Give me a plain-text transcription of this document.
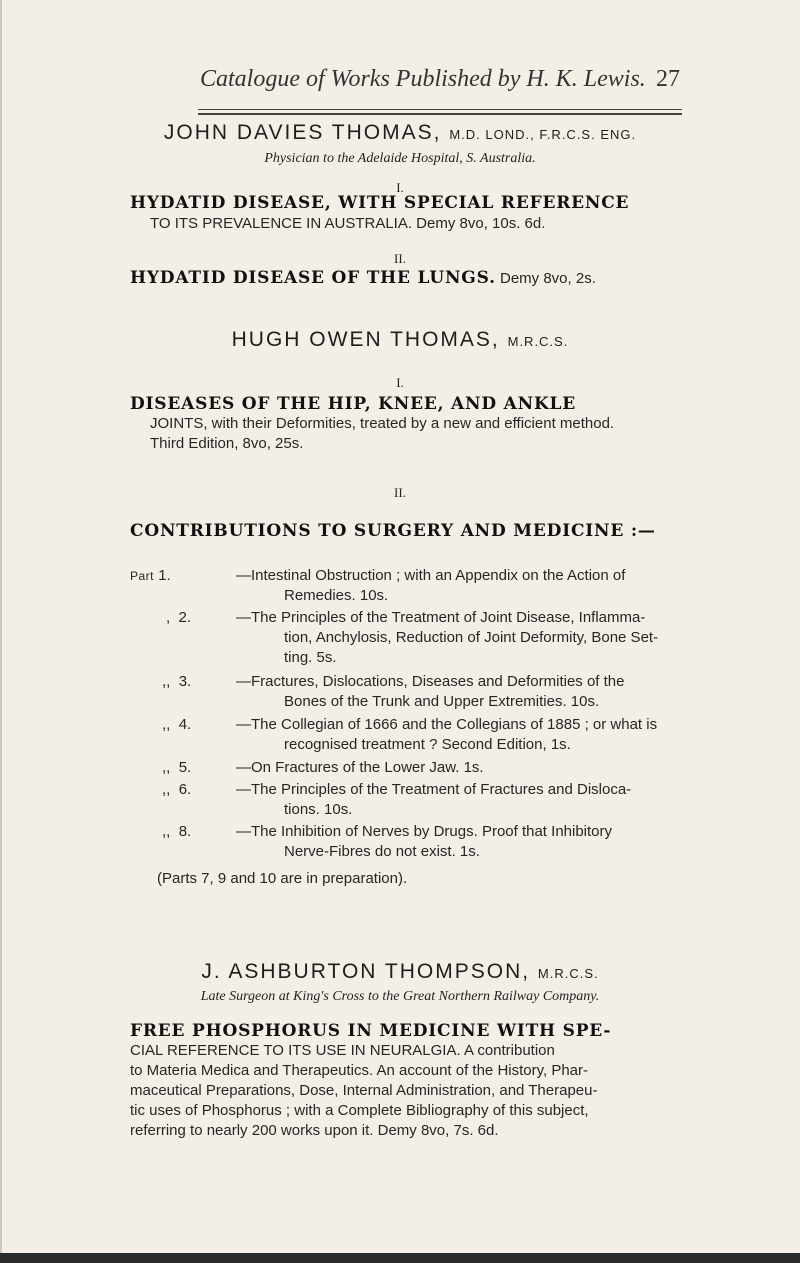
Catalogue of Works Published by H. K. Lewis. 27
JOHN DAVIES THOMAS, M.D. LOND., F.R.C.S. ENG.
Physician to the Adelaide Hospital, S. Australia.
I.
HYDATID DISEASE, WITH SPECIAL REFERENCE
TO ITS PREVALENCE IN AUSTRALIA. Demy 8vo, 10s. 6d.
II.
HYDATID DISEASE OF THE LUNGS. Demy 8vo, 2s.
HUGH OWEN THOMAS, M.R.C.S.
I.
DISEASES OF THE HIP, KNEE, AND ANKLE
JOINTS, with their Deformities, treated by a new and efficient method.
Third Edition, 8vo, 25s.
II.
CONTRIBUTIONS TO SURGERY AND MEDICINE :—
Part 1.	—Intestinal Obstruction ; with an Appendix on the Action of
Remedies. 10s.
, 2.	—The Principles of the Treatment of Joint Disease, Inflamma-
tion, Anchylosis, Reduction of Joint Deformity, Bone Set-
ting. 5s.
,, 3.	—Fractures, Dislocations, Diseases and Deformities of the
Bones of the Trunk and Upper Extremities. 10s.
,, 4.	—The Collegian of 1666 and the Collegians of 1885 ; or what is
recognised treatment ? Second Edition, 1s.
,, 5.	—On Fractures of the Lower Jaw. 1s.
,, 6.	—The Principles of the Treatment of Fractures and Disloca-
tions. 10s.
,, 8.	—The Inhibition of Nerves by Drugs. Proof that Inhibitory
Nerve-Fibres do not exist. 1s.
(Parts 7, 9 and 10 are in preparation).
J. ASHBURTON THOMPSON, M.R.C.S.
Late Surgeon at King's Cross to the Great Northern Railway Company.
FREE PHOSPHORUS IN MEDICINE WITH SPE-
CIAL REFERENCE TO ITS USE IN NEURALGIA. A contribution
to Materia Medica and Therapeutics. An account of the History, Phar-
maceutical Preparations, Dose, Internal Administration, and Therapeu-
tic uses of Phosphorus ; with a Complete Bibliography of this subject,
referring to nearly 200 works upon it. Demy 8vo, 7s. 6d.
